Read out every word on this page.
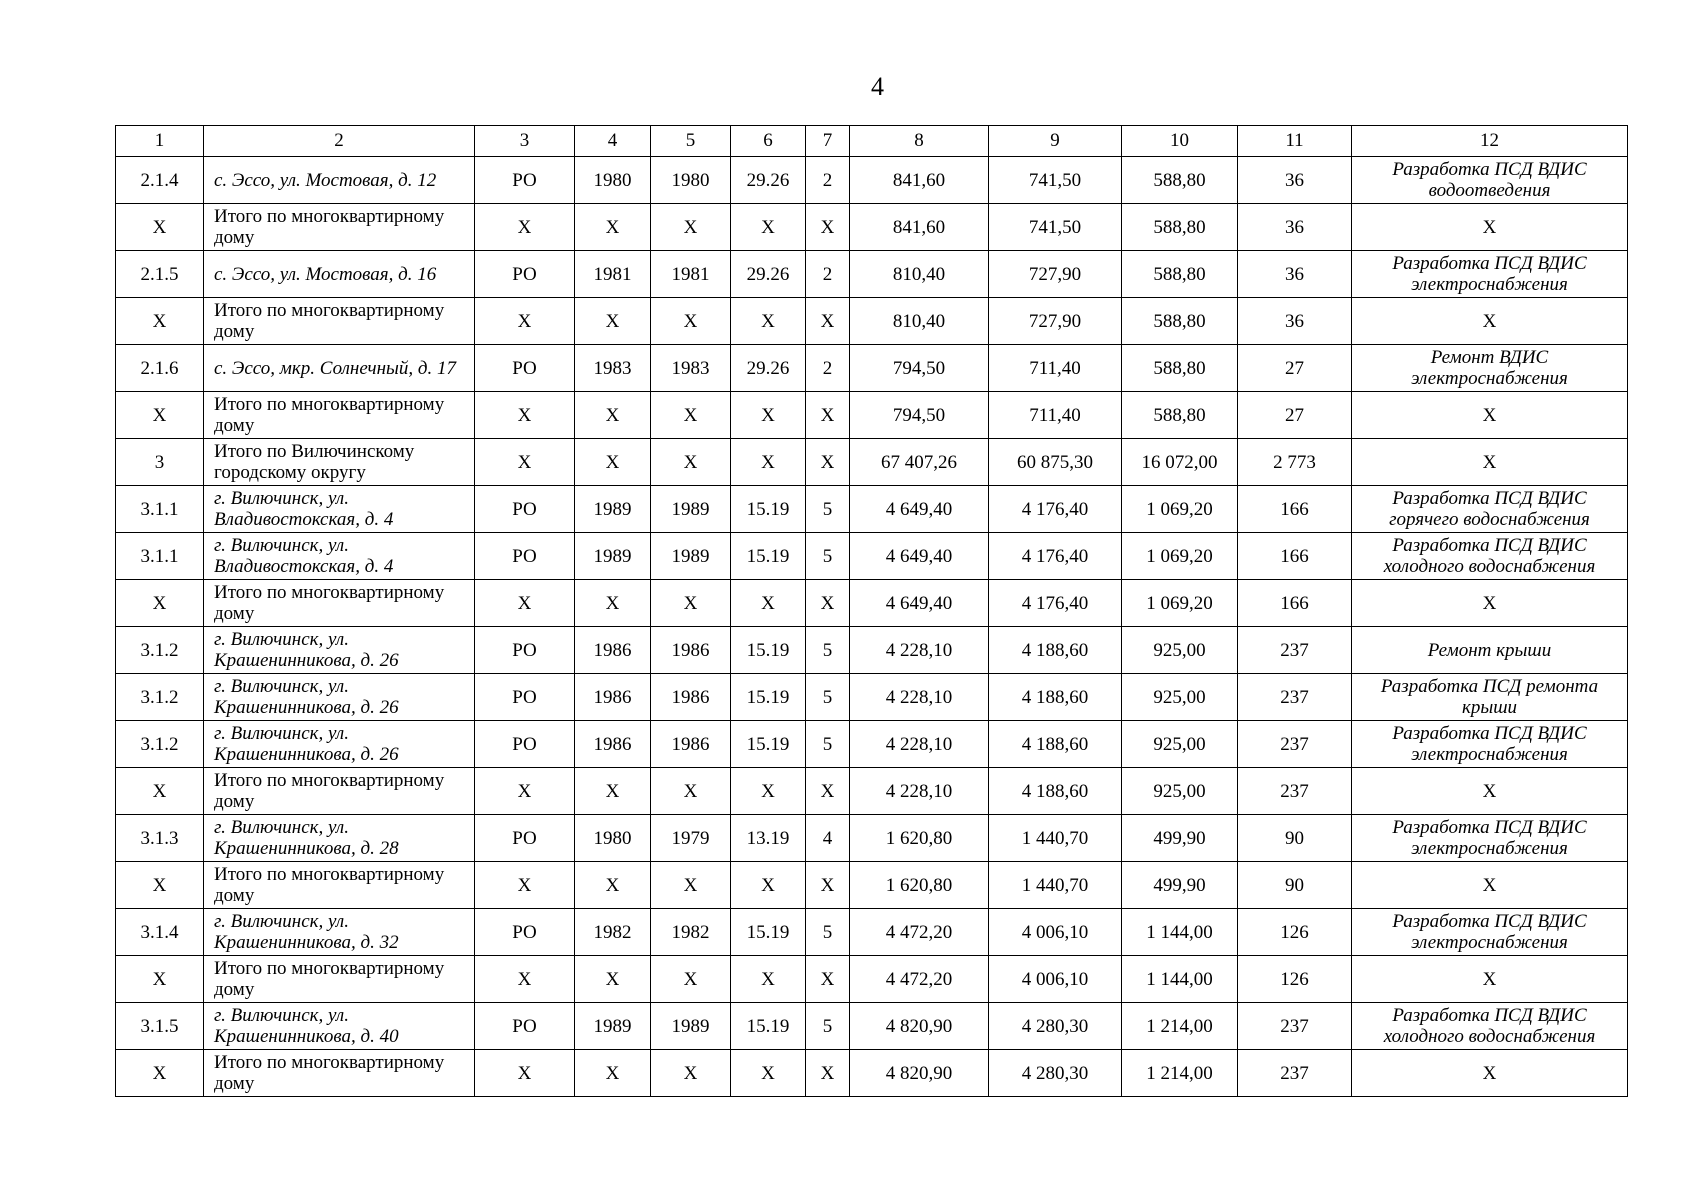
4
1	2	3	4	5	6	7	8	9	10	11	12
2.1.4	с. Эссо, ул. Мостовая, д. 12	РО	1980	1980	29.26	2	841,60	741,50	588,80	36	Разработка ПСД ВДИС водоотведения
Х	Итого по многоквартирному дому	Х	Х	Х	Х	Х	841,60	741,50	588,80	36	Х
2.1.5	с. Эссо, ул. Мостовая, д. 16	РО	1981	1981	29.26	2	810,40	727,90	588,80	36	Разработка ПСД ВДИС электроснабжения
Х	Итого по многоквартирному дому	Х	Х	Х	Х	Х	810,40	727,90	588,80	36	Х
2.1.6	с. Эссо, мкр. Солнечный, д. 17	РО	1983	1983	29.26	2	794,50	711,40	588,80	27	Ремонт ВДИС электроснабжения
Х	Итого по многоквартирному дому	Х	Х	Х	Х	Х	794,50	711,40	588,80	27	Х
3	Итого по Вилючинскому городскому округу	Х	Х	Х	Х	Х	67 407,26	60 875,30	16 072,00	2 773	Х
3.1.1	г. Вилючинск, ул. Владивостокская, д. 4	РО	1989	1989	15.19	5	4 649,40	4 176,40	1 069,20	166	Разработка ПСД ВДИС горячего водоснабжения
3.1.1	г. Вилючинск, ул. Владивостокская, д. 4	РО	1989	1989	15.19	5	4 649,40	4 176,40	1 069,20	166	Разработка ПСД ВДИС холодного водоснабжения
Х	Итого по многоквартирному дому	Х	Х	Х	Х	Х	4 649,40	4 176,40	1 069,20	166	Х
3.1.2	г. Вилючинск, ул. Крашенинникова, д. 26	РО	1986	1986	15.19	5	4 228,10	4 188,60	925,00	237	Ремонт крыши
3.1.2	г. Вилючинск, ул. Крашенинникова, д. 26	РО	1986	1986	15.19	5	4 228,10	4 188,60	925,00	237	Разработка ПСД ремонта крыши
3.1.2	г. Вилючинск, ул. Крашенинникова, д. 26	РО	1986	1986	15.19	5	4 228,10	4 188,60	925,00	237	Разработка ПСД ВДИС электроснабжения
Х	Итого по многоквартирному дому	Х	Х	Х	Х	Х	4 228,10	4 188,60	925,00	237	Х
3.1.3	г. Вилючинск, ул. Крашенинникова, д. 28	РО	1980	1979	13.19	4	1 620,80	1 440,70	499,90	90	Разработка ПСД ВДИС электроснабжения
Х	Итого по многоквартирному дому	Х	Х	Х	Х	Х	1 620,80	1 440,70	499,90	90	Х
3.1.4	г. Вилючинск, ул. Крашенинникова, д. 32	РО	1982	1982	15.19	5	4 472,20	4 006,10	1 144,00	126	Разработка ПСД ВДИС электроснабжения
Х	Итого по многоквартирному дому	Х	Х	Х	Х	Х	4 472,20	4 006,10	1 144,00	126	Х
3.1.5	г. Вилючинск, ул. Крашенинникова, д. 40	РО	1989	1989	15.19	5	4 820,90	4 280,30	1 214,00	237	Разработка ПСД ВДИС холодного водоснабжения
Х	Итого по многоквартирному дому	Х	Х	Х	Х	Х	4 820,90	4 280,30	1 214,00	237	Х
